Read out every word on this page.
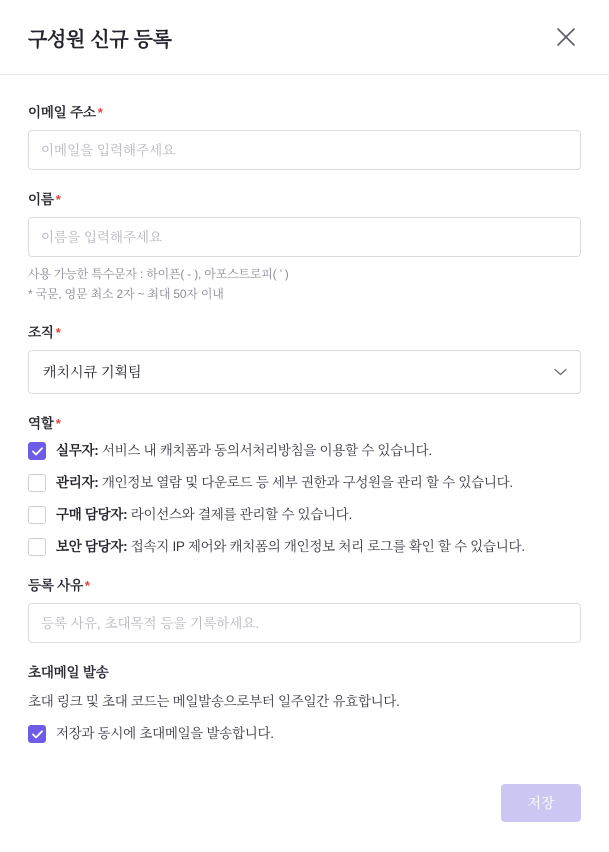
구성원 신규 등록
이메일 주소 *
이메일을 입력해주세요
이름 *
이름을 입력해주세요
사용 가능한 특수문자 : 하이픈( - ), 아포스트로피( ’ )
* 국문, 영문 최소 2자 ~ 최대 50자 이내
조직 *
캐치시큐 기획팀
역할 *
실무자: 서비스 내 캐치폼과 동의서처리방침을 이용할 수 있습니다.
관리자: 개인정보 열람 및 다운로드 등 세부 권한과 구성원을 관리 할 수 있습니다.
구매 담당자: 라이선스와 결제를 관리할 수 있습니다.
보안 담당자: 접속지 IP 제어와 캐치폼의 개인정보 처리 로그를 확인 할 수 있습니다.
등록 사유 *
등록 사유, 초대목적 등을 기록하세요.
초대메일 발송
초대 링크 및 초대 코드는 메일발송으로부터 일주일간 유효합니다.
저장과 동시에 초대메일을 발송합니다.
저장
